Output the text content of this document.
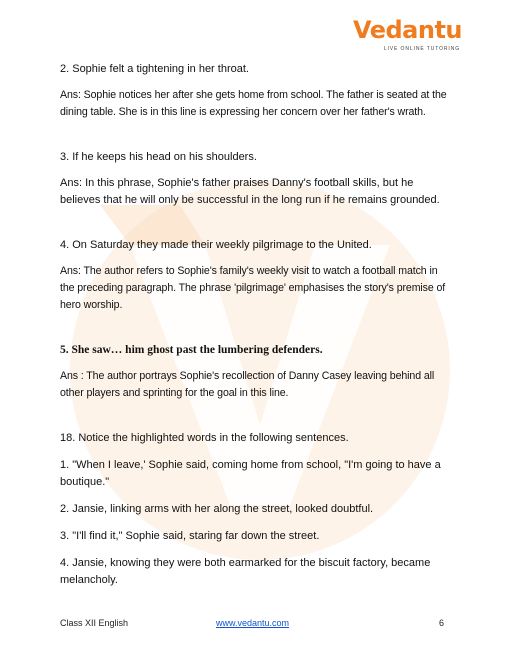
Vedantu
LIVE ONLINE TUTORING

2. Sophie felt a tightening in her throat.

Ans: Sophie notices her after she gets home from school. The father is seated at the dining table. She is in this line is expressing her concern over her father's wrath.

3. If he keeps his head on his shoulders.

Ans: In this phrase, Sophie's father praises Danny's football skills, but he believes that he will only be successful in the long run if he remains grounded.

4. On Saturday they made their weekly pilgrimage to the United.

Ans: The author refers to Sophie's family's weekly visit to watch a football match in the preceding paragraph. The phrase 'pilgrimage' emphasises the story's premise of hero worship.

5. She saw… him ghost past the lumbering defenders.

Ans : The author portrays Sophie's recollection of Danny Casey leaving behind all other players and sprinting for the goal in this line.

18. Notice the highlighted words in the following sentences.

1. "When I leave,' Sophie said, coming home from school, "I'm going to have a boutique."

2. Jansie, linking arms with her along the street, looked doubtful.

3. "I'll find it," Sophie said, staring far down the street.

4. Jansie, knowing they were both earmarked for the biscuit factory, became melancholy.

Class XII English	www.vedantu.com	6
